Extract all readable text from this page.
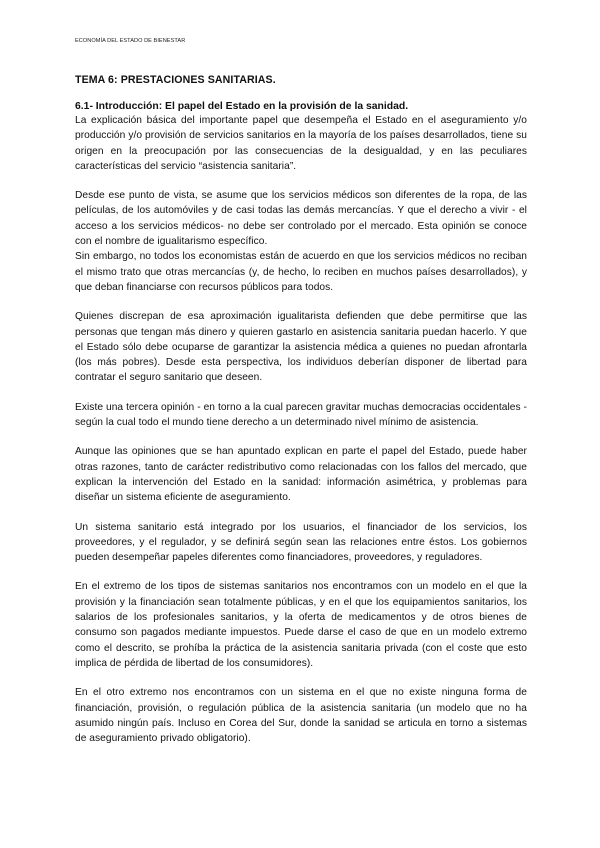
ECONOMÍA DEL ESTADO DE BIENESTAR
TEMA 6: PRESTACIONES SANITARIAS.
6.1- Introducción: El papel del Estado en la provisión de la sanidad.

La explicación básica del importante papel que desempeña el Estado en el aseguramiento y/o producción y/o provisión de servicios sanitarios en la mayoría de los países desarrollados, tiene su origen en la preocupación por las consecuencias de la desigualdad, y en las peculiares características del servicio “asistencia sanitaria”.

Desde ese punto de vista, se asume que los servicios médicos son diferentes de la ropa, de las películas, de los automóviles y de casi todas las demás mercancías. Y que el derecho a vivir - el acceso a los servicios médicos- no debe ser controlado por el mercado. Esta opinión se conoce con el nombre de igualitarismo específico.

Sin embargo, no todos los economistas están de acuerdo en que los servicios médicos no reciban el mismo trato que otras mercancías (y, de hecho, lo reciben en muchos países desarrollados), y que deban financiarse con recursos públicos para todos.

Quienes discrepan de esa aproximación igualitarista defienden que debe permitirse que las personas que tengan más dinero y quieren gastarlo en asistencia sanitaria puedan hacerlo. Y que el Estado sólo debe ocuparse de garantizar la asistencia médica a quienes no puedan afrontarla (los más pobres). Desde esta perspectiva, los individuos deberían disponer de libertad para contratar el seguro sanitario que deseen.

Existe una tercera opinión - en torno a la cual parecen gravitar muchas democracias occidentales - según la cual todo el mundo tiene derecho a un determinado nivel mínimo de asistencia.

Aunque las opiniones que se han apuntado explican en parte el papel del Estado, puede haber otras razones, tanto de carácter redistributivo como relacionadas con los fallos del mercado, que explican la intervención del Estado en la sanidad: información asimétrica, y problemas para diseñar un sistema eficiente de aseguramiento.

Un sistema sanitario está integrado por los usuarios, el financiador de los servicios, los proveedores, y el regulador, y se definirá según sean las relaciones entre éstos. Los gobiernos pueden desempeñar papeles diferentes como financiadores, proveedores, y reguladores.

En el extremo de los tipos de sistemas sanitarios nos encontramos con un modelo en el que la provisión y la financiación sean totalmente públicas, y en el que los equipamientos sanitarios, los salarios de los profesionales sanitarios, y la oferta de medicamentos y de otros bienes de consumo son pagados mediante impuestos. Puede darse el caso de que en un modelo extremo como el descrito, se prohíba la práctica de la asistencia sanitaria privada (con el coste que esto implica de pérdida de libertad de los consumidores).

En el otro extremo nos encontramos con un sistema en el que no existe ninguna forma de financiación, provisión, o regulación pública de la asistencia sanitaria (un modelo que no ha asumido ningún país. Incluso en Corea del Sur, donde la sanidad se articula en torno a sistemas de aseguramiento privado obligatorio).
